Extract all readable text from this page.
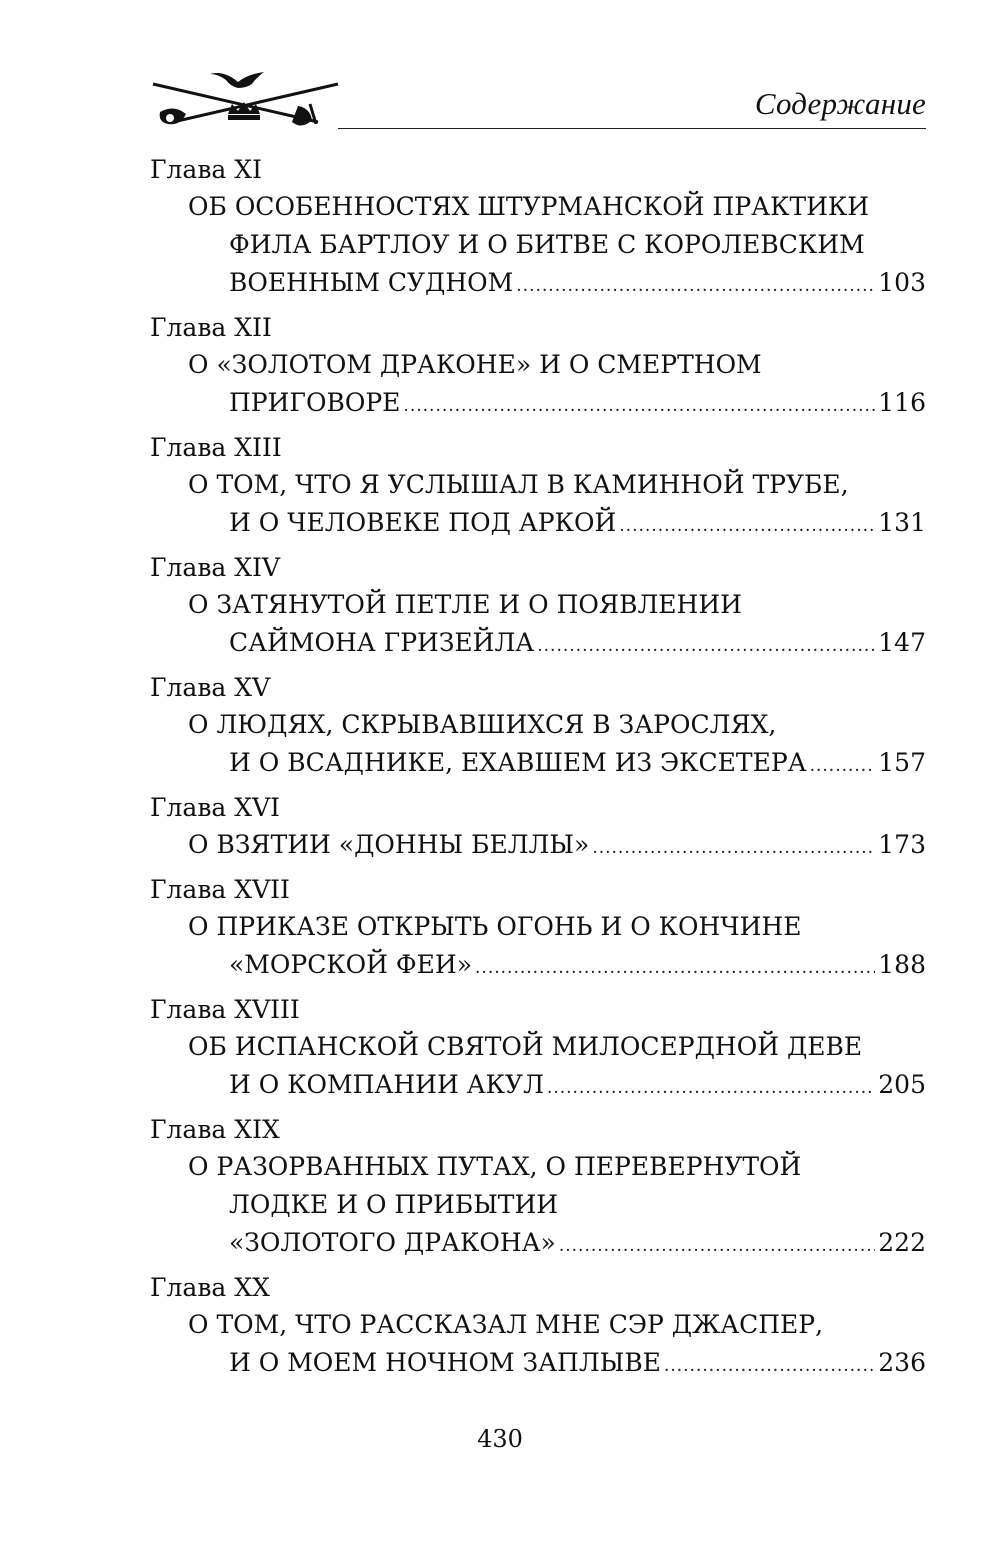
Содержание
Глава XI
ОБ ОСОБЕННОСТЯХ ШТУРМАНСКОЙ ПРАКТИКИ
ФИЛА БАРТЛОУ И О БИТВЕ С КОРОЛЕВСКИМ
ВОЕННЫМ СУДНОМ .....	103
Глава XII
О «ЗОЛОТОМ ДРАКОНЕ» И О СМЕРТНОМ
ПРИГОВОРЕ .....	116
Глава XIII
О ТОМ, ЧТО Я УСЛЫШАЛ В КАМИННОЙ ТРУБЕ,
И О ЧЕЛОВЕКЕ ПОД АРКОЙ .....	131
Глава XIV
О ЗАТЯНУТОЙ ПЕТЛЕ И О ПОЯВЛЕНИИ
САЙМОНА ГРИЗЕЙЛА .....	147
Глава XV
О ЛЮДЯХ, СКРЫВАВШИХСЯ В ЗАРОСЛЯХ,
И О ВСАДНИКЕ, ЕХАВШЕМ ИЗ ЭКСЕТЕРА .....	157
Глава XVI
О ВЗЯТИИ «ДОННЫ БЕЛЛЫ» .....	173
Глава XVII
О ПРИКАЗЕ ОТКРЫТЬ ОГОНЬ И О КОНЧИНЕ
«МОРСКОЙ ФЕИ» .....	188
Глава XVIII
ОБ ИСПАНСКОЙ СВЯТОЙ МИЛОСЕРДНОЙ ДЕВЕ
И О КОМПАНИИ АКУЛ .....	205
Глава XIX
О РАЗОРВАННЫХ ПУТАХ, О ПЕРЕВЕРНУТОЙ
ЛОДКЕ И О ПРИБЫТИИ
«ЗОЛОТОГО ДРАКОНА» .....	222
Глава XX
О ТОМ, ЧТО РАССКАЗАЛ МНЕ СЭР ДЖАСПЕР,
И О МОЕМ НОЧНОМ ЗАПЛЫВЕ .....	236
430
